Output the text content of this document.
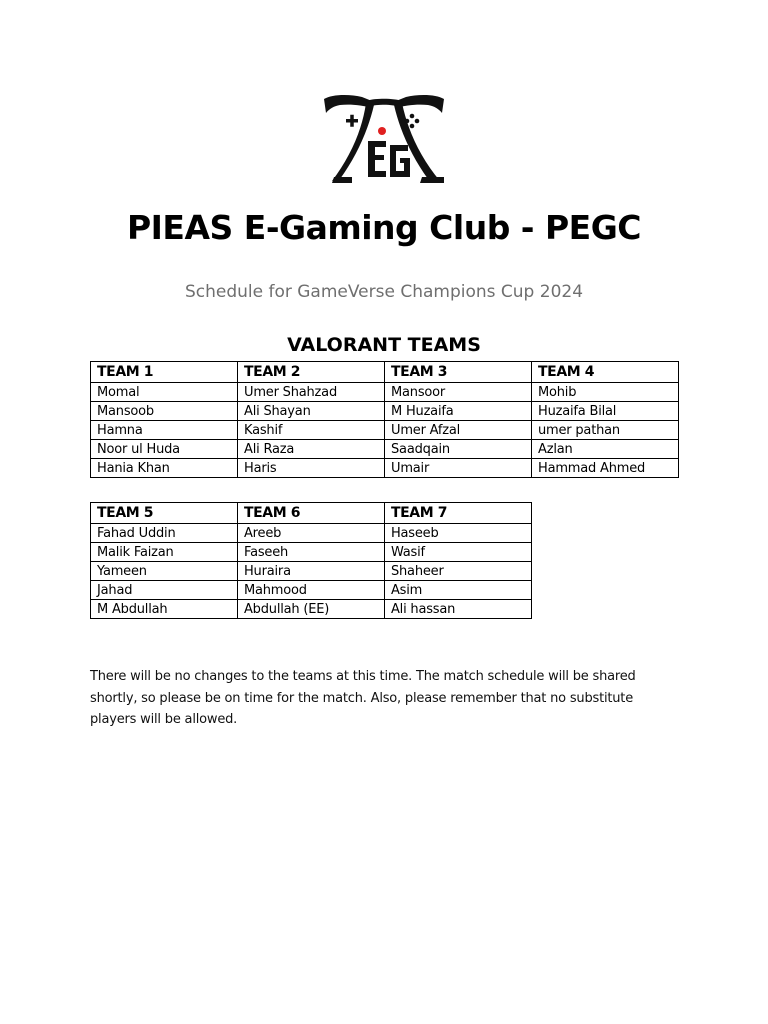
PIEAS E-Gaming Club - PEGC
Schedule for GameVerse Champions Cup 2024
VALORANT TEAMS
TEAM 1	TEAM 2	TEAM 3	TEAM 4
Momal	Umer Shahzad	Mansoor	Mohib
Mansoob	Ali Shayan	M Huzaifa	Huzaifa Bilal
Hamna	Kashif	Umer Afzal	umer pathan
Noor ul Huda	Ali Raza	Saadqain	Azlan
Hania Khan	Haris	Umair	Hammad Ahmed
TEAM 5	TEAM 6	TEAM 7
Fahad Uddin	Areeb	Haseeb
Malik Faizan	Faseeh	Wasif
Yameen	Huraira	Shaheer
Jahad	Mahmood	Asim
M Abdullah	Abdullah (EE)	Ali hassan

There will be no changes to the teams at this time. The match schedule will be shared shortly, so please be on time for the match. Also, please remember that no substitute players will be allowed.
